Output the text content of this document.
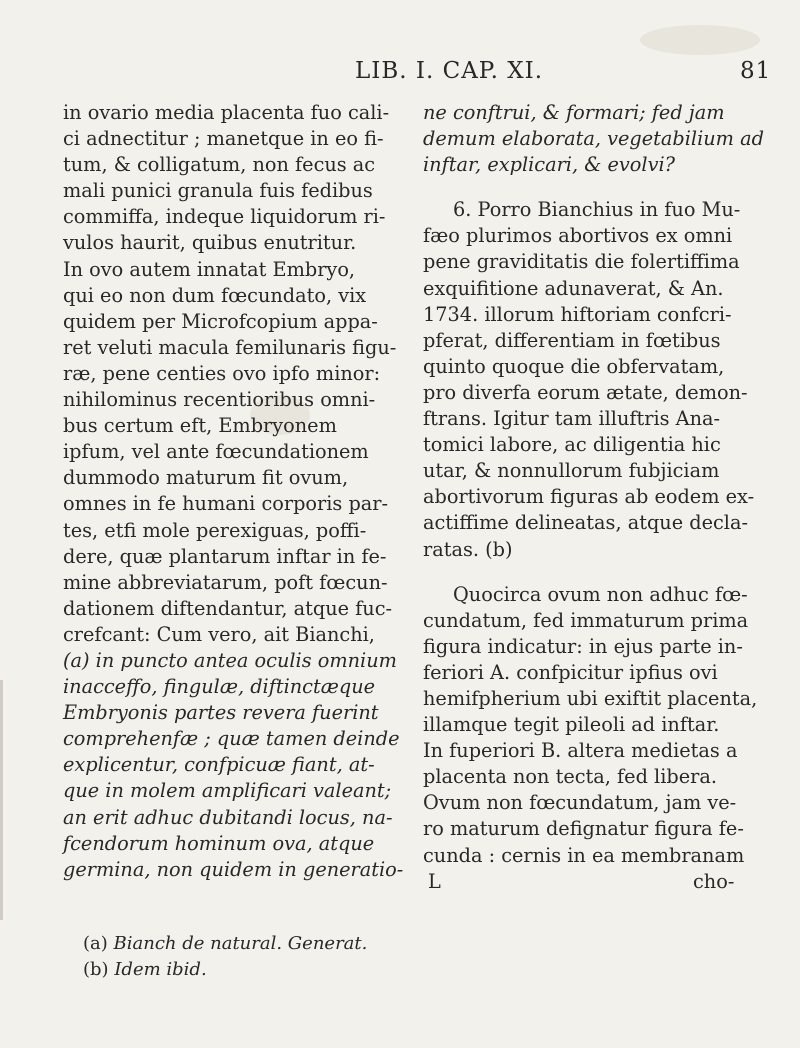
LIB. I. CAP. XI.	81
in ovario media placenta fuo cali-
ci adnectitur ; manetque in eo fi-
tum, & colligatum, non fecus ac
mali punici granula fuis fedibus
commiffa, indeque liquidorum ri-
vulos haurit, quibus enutritur.
In ovo autem innatat Embryo,
qui eo non dum fœcundato, vix
quidem per Microfcopium appa-
ret veluti macula femilunaris figu-
ræ, pene centies ovo ipfo minor:
nihilominus recentioribus omni-
bus certum eft, Embryonem
ipfum, vel ante fœcundationem
dummodo maturum fit ovum,
omnes in fe humani corporis par-
tes, etfi mole perexiguas, poffi-
dere, quæ plantarum inftar in fe-
mine abbreviatarum, poft fœcun-
dationem diftendantur, atque fuc-
crefcant: Cum vero, ait Bianchi,
(a) in puncto antea oculis omnium
inacceffo, fingulæ, diftinctæque
Embryonis partes revera fuerint
comprehenfæ ; quæ tamen deinde
explicentur, confpicuæ fiant, at-
que in molem amplificari valeant;
an erit adhuc dubitandi locus, na-
fcendorum hominum ova, atque
germina, non quidem in generatio-
ne conftrui, & formari; fed jam
demum elaborata, vegetabilium ad
inftar, explicari, & evolvi?
6. Porro Bianchius in fuo Mu-
fæo plurimos abortivos ex omni
pene graviditatis die folertiffima
exquifitione adunaverat, & An.
1734. illorum hiftoriam confcri-
pferat, differentiam in fœtibus
quinto quoque die obfervatam,
pro diverfa eorum ætate, demon-
ftrans. Igitur tam illuftris Ana-
tomici labore, ac diligentia hic
utar, & nonnullorum fubjiciam
abortivorum figuras ab eodem ex-
actiffime delineatas, atque decla-
ratas. (b)
Quocirca ovum non adhuc fœ-
cundatum, fed immaturum prima
figura indicatur: in ejus parte in-
feriori A. confpicitur ipfius ovi
hemifpherium ubi exiftit placenta,
illamque tegit pileoli ad inftar.
In fuperiori B. altera medietas a
placenta non tecta, fed libera.
Ovum non fœcundatum, jam ve-
ro maturum defignatur figura fe-
cunda : cernis in ea membranam
L	cho-
(a) Bianch de natural. Generat.
(b) Idem ibid.
